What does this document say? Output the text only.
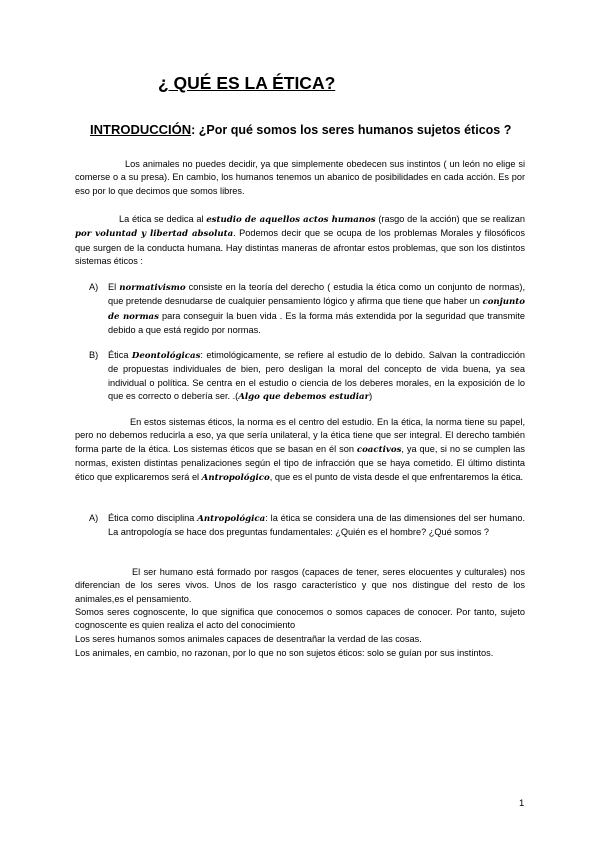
¿ QUÉ ES LA ÉTICA?
INTRODUCCIÓN: ¿Por qué somos los seres humanos sujetos éticos ?

Los animales no puedes decidir, ya que simplemente obedecen sus instintos ( un león no elige si comerse o a su presa). En cambio, los humanos tenemos un abanico de posibilidades en cada acción. Es por eso por lo que decimos que somos libres.

La ética se dedica al estudio de aquellos actos humanos (rasgo de la acción) que se realizan por voluntad y libertad absoluta. Podemos decir que se ocupa de los problemas Morales y filosóficos que surgen de la conducta humana. Hay distintas maneras de afrontar estos problemas, que son los distintos sistemas éticos :

A) El normativismo consiste en la teoría del derecho ( estudia la ética como un conjunto de normas), que pretende desnudarse de cualquier pensamiento lógico y afirma que tiene que haber un conjunto de normas para conseguir la buen vida . Es la forma más extendida por la seguridad que transmite debido a que está regido por normas.

B) Ética Deontológicas: etimológicamente, se refiere al estudio de lo debido. Salvan la contradicción de propuestas individuales de bien, pero desligan la moral del concepto de vida buena, ya sea individual o política. Se centra en el estudio o ciencia de los deberes morales, en la exposición de lo que es correcto o debería ser. .(Algo que debemos estudiar)

En estos sistemas éticos, la norma es el centro del estudio. En la ética, la norma tiene su papel, pero no debemos reducirla a eso, ya que sería unilateral, y la ética tiene que ser integral. El derecho también forma parte de la ética. Los sistemas éticos que se basan en él son coactivos, ya que, si no se cumplen las normas, existen distintas penalizaciones según el tipo de infracción que se haya cometido. El último distinta ético que explicaremos será el Antropológico, que es el punto de vista desde el que enfrentaremos la ética.

A) Ética como disciplina Antropológica: la ética se considera una de las dimensiones del ser humano. La antropología se hace dos preguntas fundamentales: ¿Quién es el hombre? ¿Qué somos ?

El ser humano está formado por rasgos (capaces de tener, seres elocuentes y culturales) nos diferencian de los seres vivos. Unos de los rasgo característico y que nos distingue del resto de los animales,es el pensamiento.

Somos seres cognoscente, lo que significa que conocemos o somos capaces de conocer. Por tanto, sujeto cognoscente es quien realiza el acto del conocimiento

Los seres humanos somos animales capaces de desentrañar la verdad de las cosas.

Los animales, en cambio, no razonan, por lo que no son sujetos éticos: solo se guían por sus instintos.

1
